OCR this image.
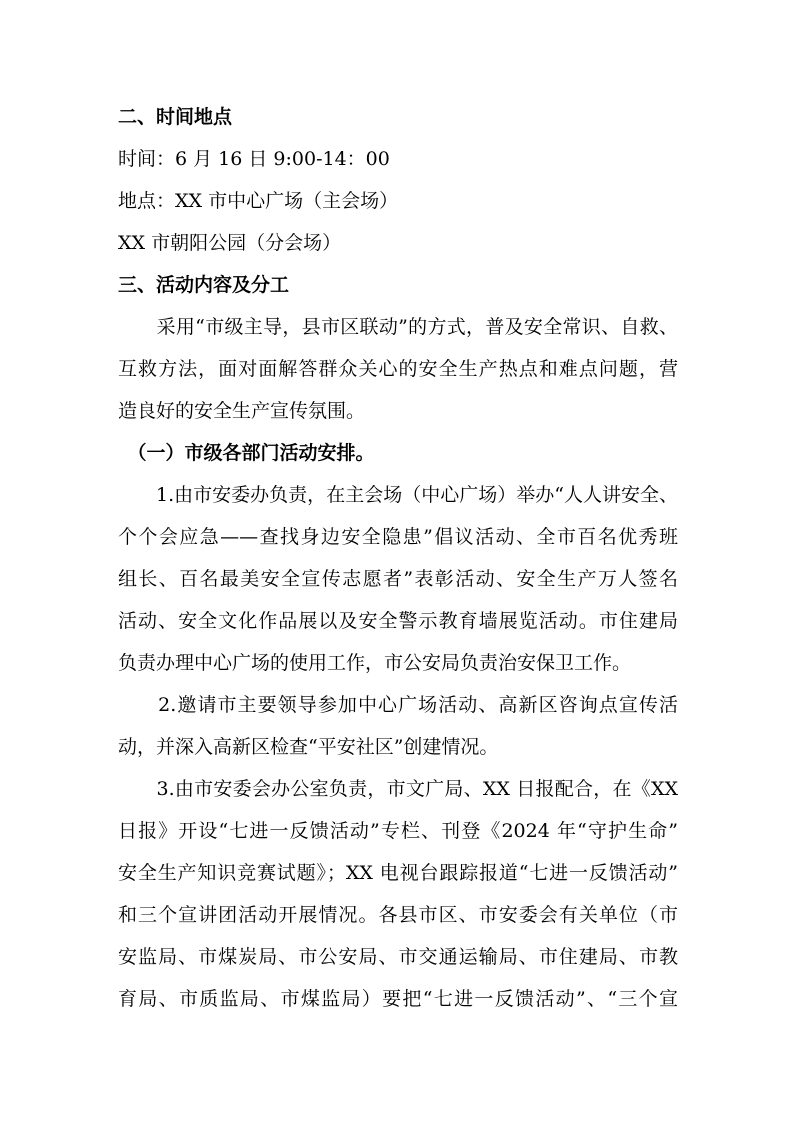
二、时间地点
时间：6 月 16 日 9:00-14：00
地点：XX 市中心广场（主会场）
XX 市朝阳公园（分会场）
三、活动内容及分工
　　采用“市级主导，县市区联动”的方式，普及安全常识、自救、
互救方法，面对面解答群众关心的安全生产热点和难点问题，营
造良好的安全生产宣传氛围。
　（一）市级各部门活动安排。
　　1.由市安委办负责，在主会场（中心广场）举办“人人讲安全、
个个会应急——查找身边安全隐患”倡议活动、全市百名优秀班
组长、百名最美安全宣传志愿者”表彰活动、安全生产万人签名
活动、安全文化作品展以及安全警示教育墙展览活动。市住建局
负责办理中心广场的使用工作，市公安局负责治安保卫工作。
　　2.邀请市主要领导参加中心广场活动、高新区咨询点宣传活
动，并深入高新区检查“平安社区”创建情况。
　　3.由市安委会办公室负责，市文广局、XX 日报配合，在《XX
日报》开设“七进一反馈活动”专栏、刊登《2024 年“守护生命”
安全生产知识竞赛试题》；XX 电视台跟踪报道“七进一反馈活动”
和三个宣讲团活动开展情况。各县市区、市安委会有关单位（市
安监局、市煤炭局、市公安局、市交通运输局、市住建局、市教
育局、市质监局、市煤监局）要把“七进一反馈活动”、“三个宣
